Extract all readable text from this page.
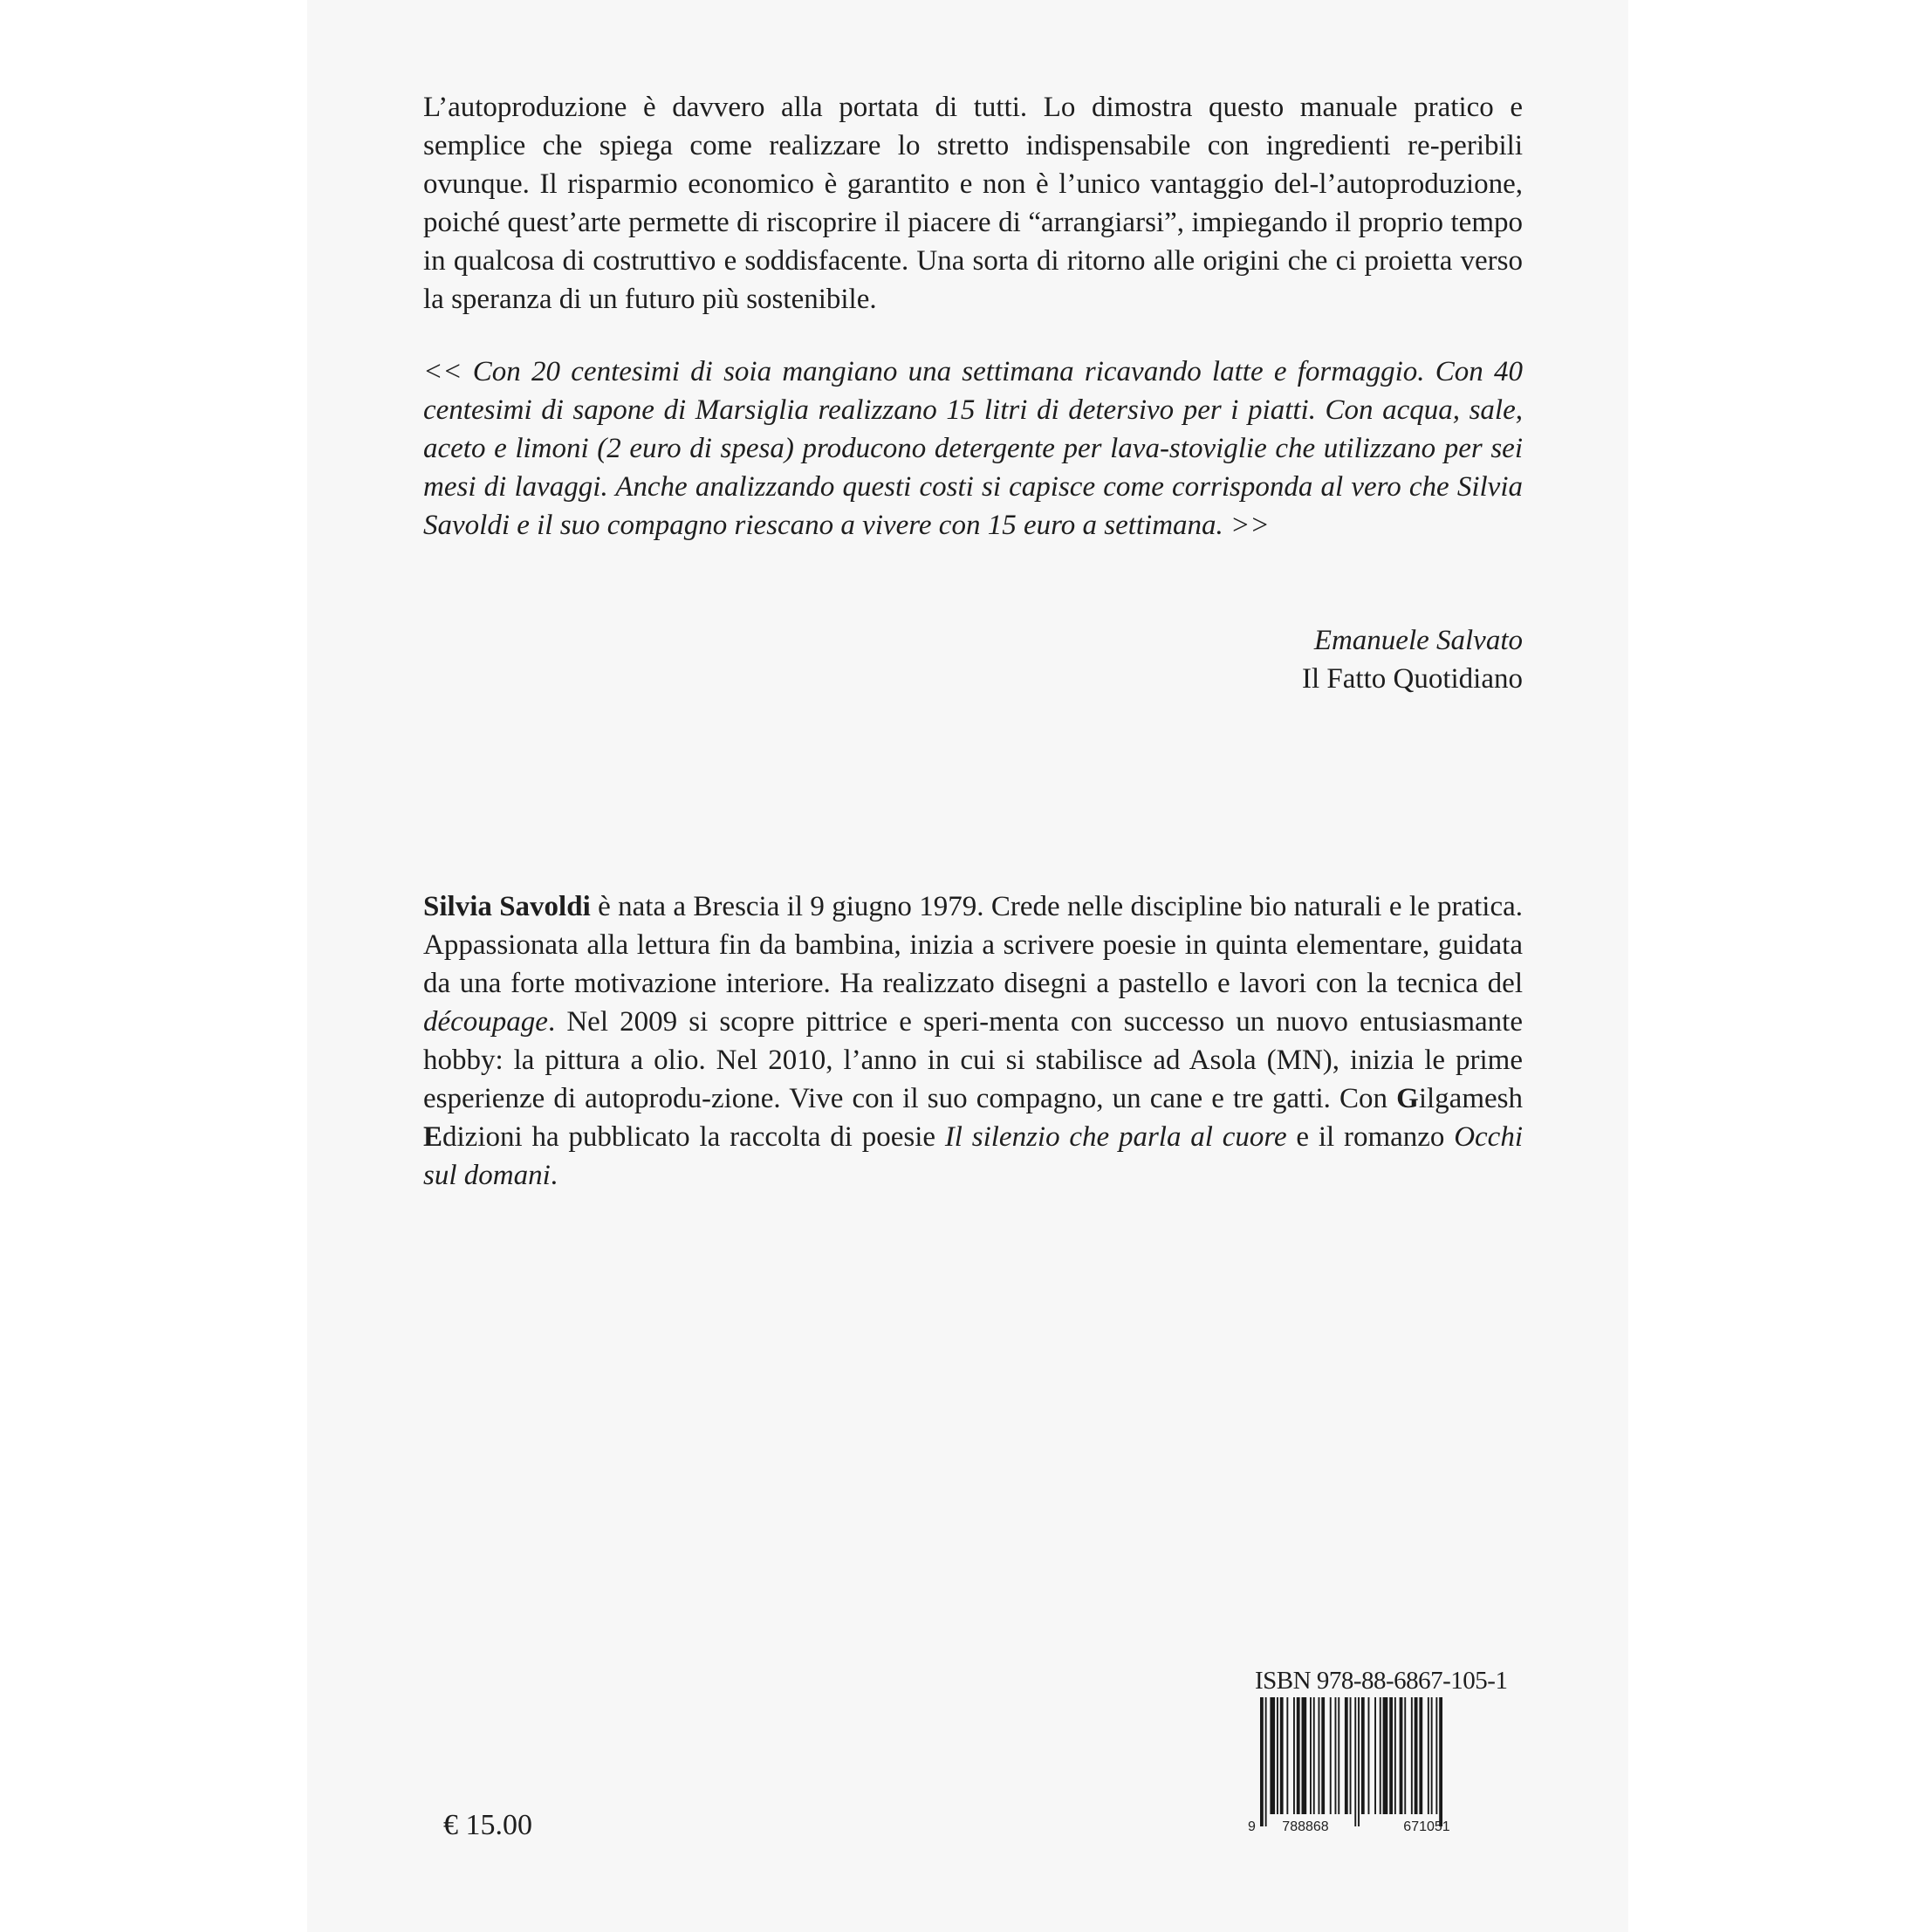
L’autoproduzione è davvero alla portata di tutti. Lo dimostra questo manuale pratico e semplice che spiega come realizzare lo stretto indispensabile con ingredienti re-peribili ovunque. Il risparmio economico è garantito e non è l’unico vantaggio del-l’autoproduzione, poiché quest’arte permette di riscoprire il piacere di “arrangiarsi”, impiegando il proprio tempo in qualcosa di costruttivo e soddisfacente. Una sorta di ritorno alle origini che ci proietta verso la speranza di un futuro più sostenibile.

<< Con 20 centesimi di soia mangiano una settimana ricavando latte e formaggio. Con 40 centesimi di sapone di Marsiglia realizzano 15 litri di detersivo per i piatti. Con acqua, sale, aceto e limoni (2 euro di spesa) producono detergente per lava-stoviglie che utilizzano per sei mesi di lavaggi. Anche analizzando questi costi si capisce come corrisponda al vero che Silvia Savoldi e il suo compagno riescano a vivere con 15 euro a settimana. >>

Emanuele Salvato
Il Fatto Quotidiano

Silvia Savoldi è nata a Brescia il 9 giugno 1979. Crede nelle discipline bio naturali e le pratica. Appassionata alla lettura fin da bambina, inizia a scrivere poesie in quinta elementare, guidata da una forte motivazione interiore. Ha realizzato disegni a pastello e lavori con la tecnica del découpage. Nel 2009 si scopre pittrice e speri-menta con successo un nuovo entusiasmante hobby: la pittura a olio. Nel 2010, l’anno in cui si stabilisce ad Asola (MN), inizia le prime esperienze di autoprodu-zione. Vive con il suo compagno, un cane e tre gatti. Con Gilgamesh Edizioni ha pubblicato la raccolta di poesie Il silenzio che parla al cuore e il romanzo Occhi sul domani.

ISBN 978-88-6867-105-1
9 788868	671051
€ 15.00
